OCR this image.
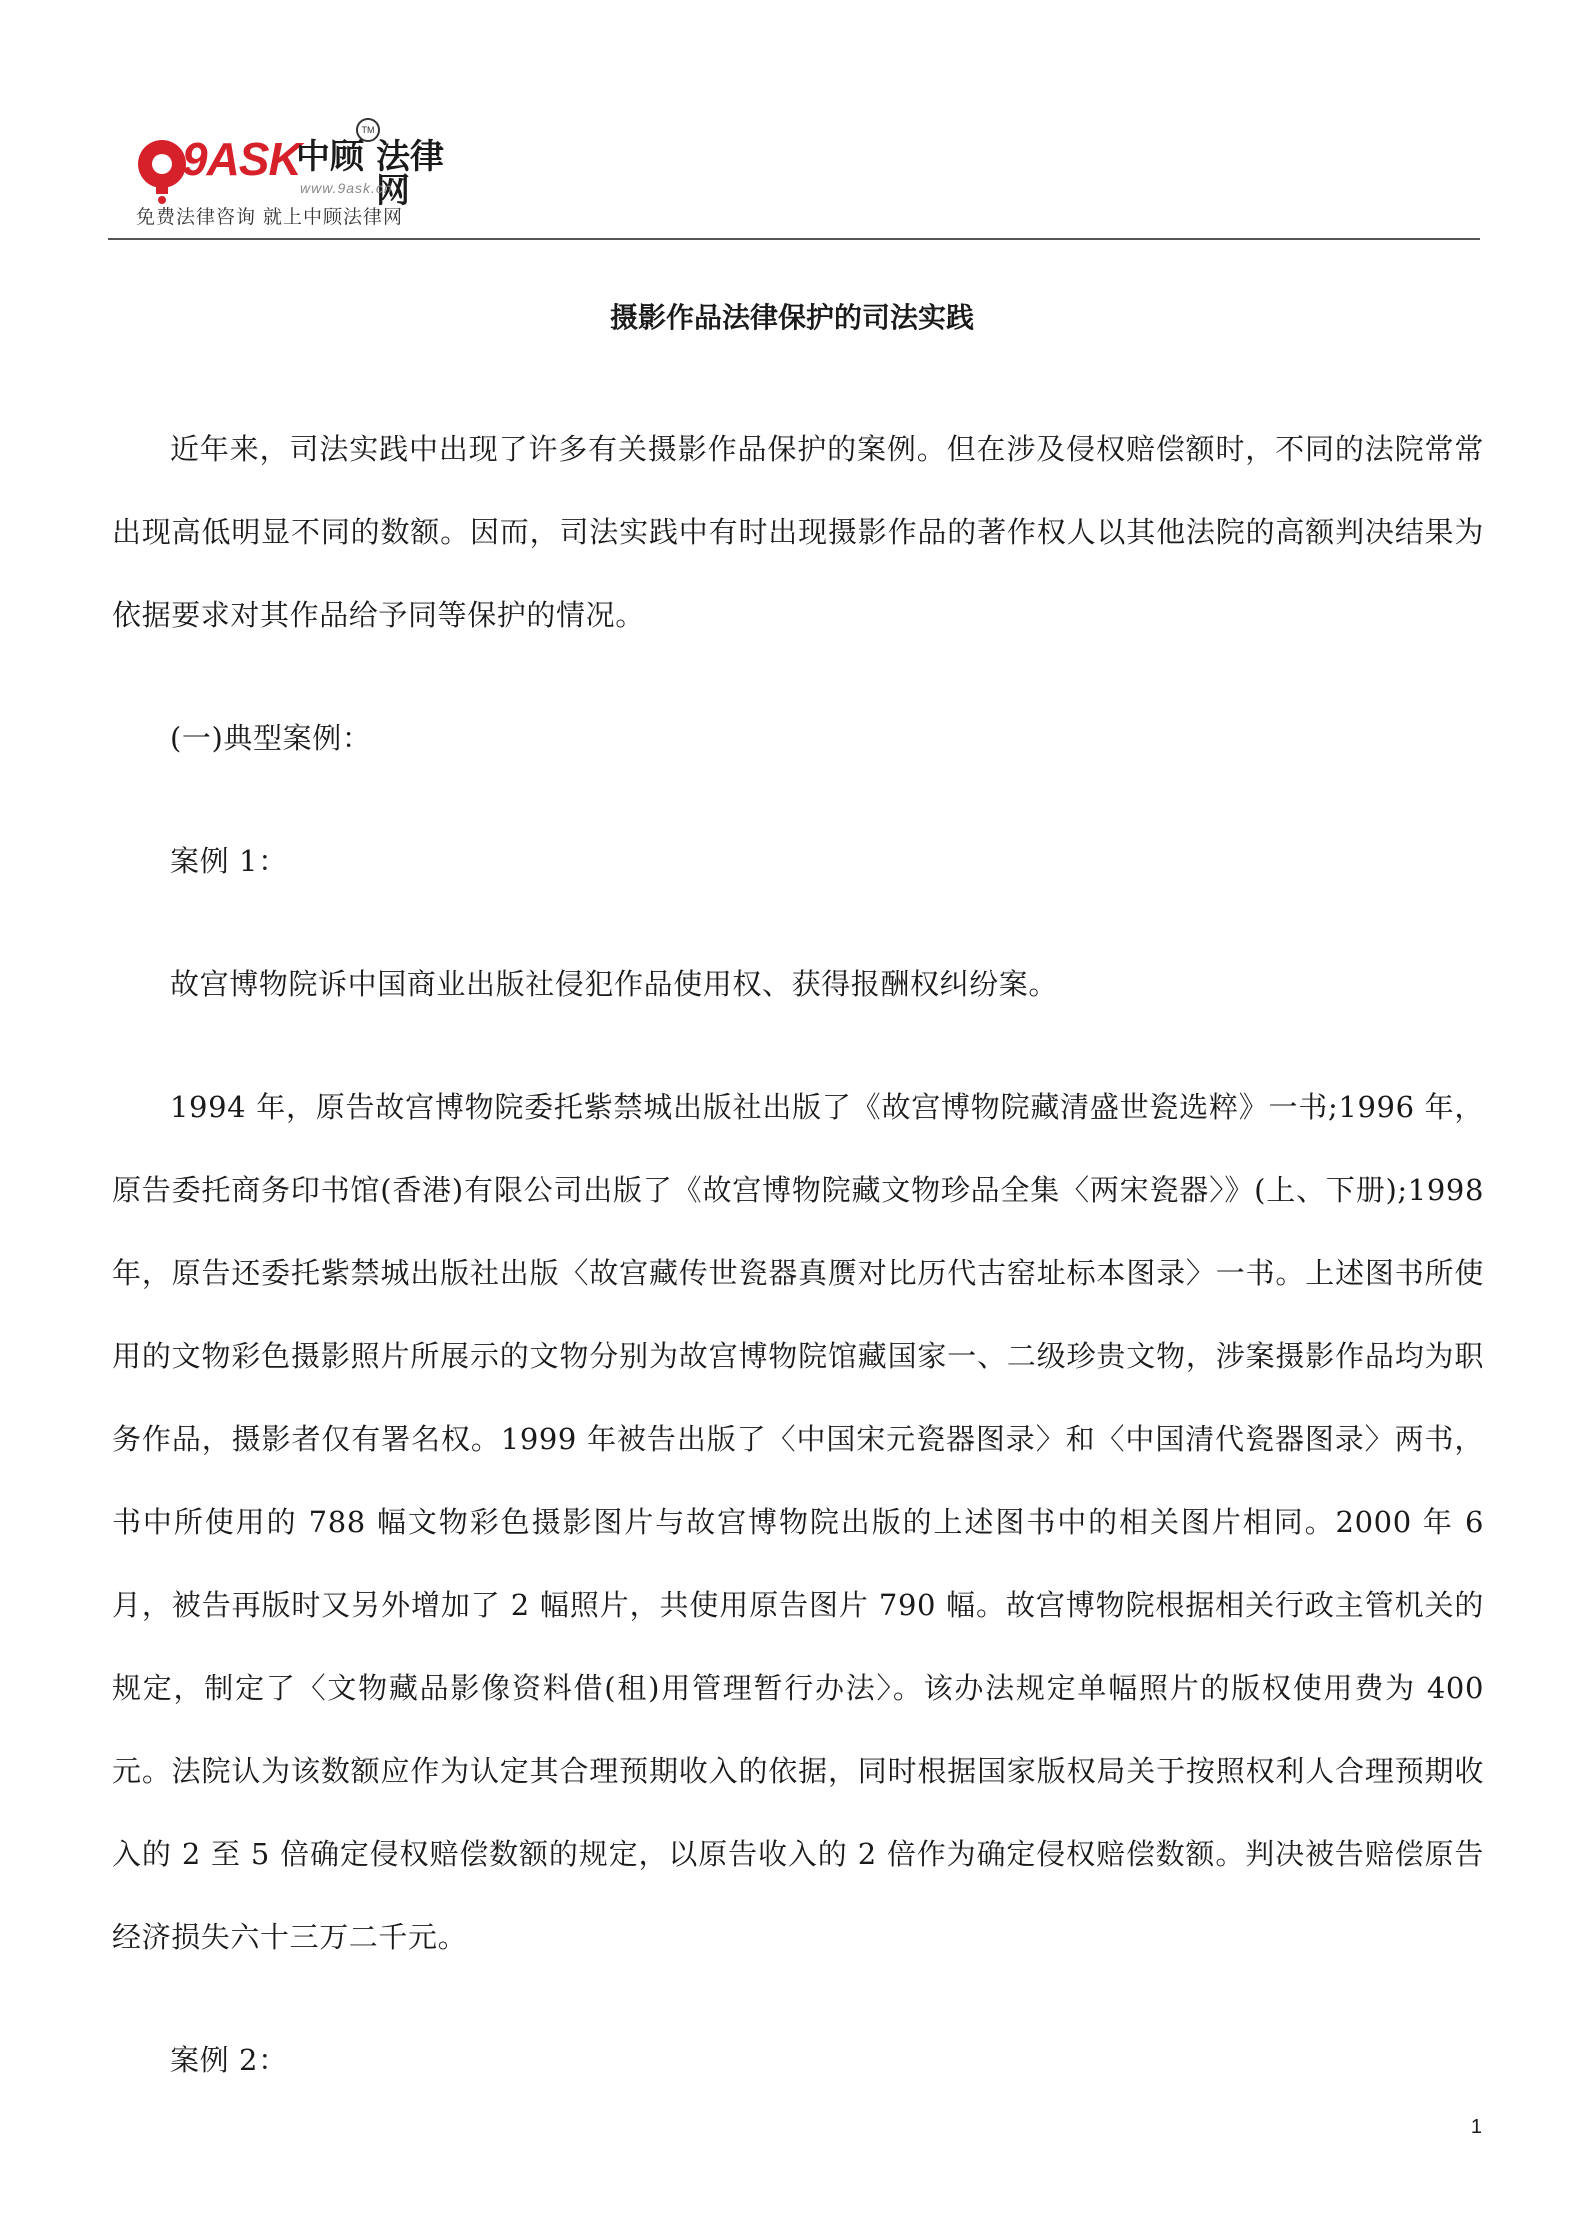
9ASK
中顾
TM
法律网
www.9ask.cn
免费法律咨询 就上中顾法律网
摄影作品法律保护的司法实践

近年来，司法实践中出现了许多有关摄影作品保护的案例。但在涉及侵权赔偿额时，不同的法院常常出现高低明显不同的数额。因而，司法实践中有时出现摄影作品的著作权人以其他法院的高额判决结果为依据要求对其作品给予同等保护的情况。

(一)典型案例：

案例 1：

故宫博物院诉中国商业出版社侵犯作品使用权、获得报酬权纠纷案。

1994 年，原告故宫博物院委托紫禁城出版社出版了《故宫博物院藏清盛世瓷选粹》一书;1996 年，原告委托商务印书馆(香港)有限公司出版了《故宫博物院藏文物珍品全集〈两宋瓷器〉》(上、下册);1998 年，原告还委托紫禁城出版社出版〈故宫藏传世瓷器真赝对比历代古窑址标本图录〉一书。上述图书所使用的文物彩色摄影照片所展示的文物分别为故宫博物院馆藏国家一、二级珍贵文物，涉案摄影作品均为职务作品，摄影者仅有署名权。1999 年被告出版了〈中国宋元瓷器图录〉和〈中国清代瓷器图录〉两书，书中所使用的 788 幅文物彩色摄影图片与故宫博物院出版的上述图书中的相关图片相同。2000 年 6 月，被告再版时又另外增加了 2 幅照片，共使用原告图片 790 幅。故宫博物院根据相关行政主管机关的规定，制定了〈文物藏品影像资料借(租)用管理暂行办法〉。该办法规定单幅照片的版权使用费为 400 元。法院认为该数额应作为认定其合理预期收入的依据，同时根据国家版权局关于按照权利人合理预期收入的 2 至 5 倍确定侵权赔偿数额的规定，以原告收入的 2 倍作为确定侵权赔偿数额。判决被告赔偿原告经济损失六十三万二千元。

案例 2：

1
